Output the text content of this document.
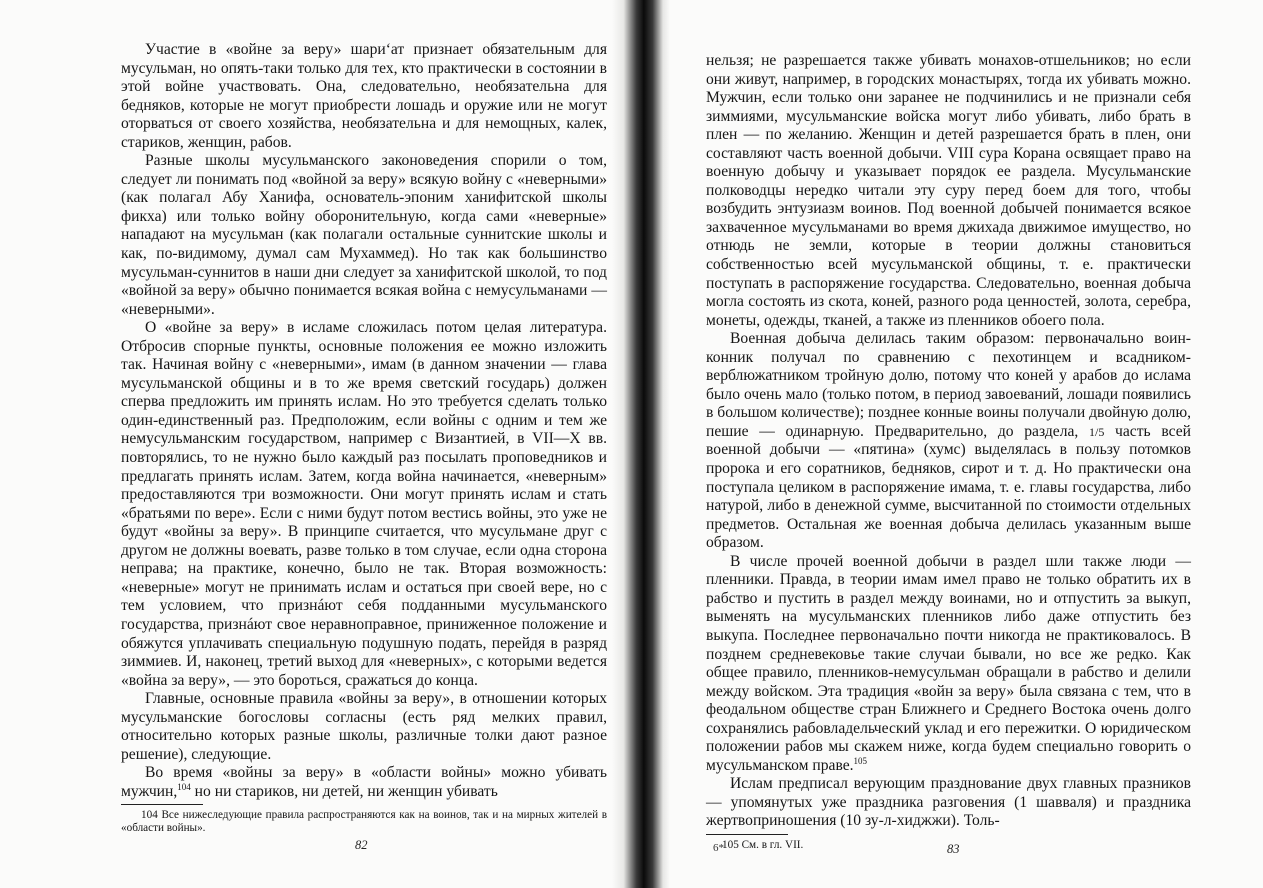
Участие в «войне за веру» шари‘ат признает обязательным для мусульман, но опять-таки только для тех, кто практически в состоянии в этой войне участвовать. Она, следовательно, необязательна для бедняков, которые не могут приобрести лошадь и оружие или не могут оторваться от своего хозяйства, необязательна и для немощных, калек, стариков, женщин, рабов.

Разные школы мусульманского законоведения спорили о том, следует ли понимать под «войной за веру» всякую войну с «неверными» (как полагал Абу Ханифа, основатель-эпоним ханифитской школы фикха) или только войну оборонительную, когда сами «неверные» нападают на мусульман (как полагали остальные суннитские школы и как, по-видимому, думал сам Мухаммед). Но так как большинство мусульман-суннитов в наши дни следует за ханифитской школой, то под «войной за веру» обычно понимается всякая война с немусульманами — «неверными».

О «войне за веру» в исламе сложилась потом целая литература. Отбросив спорные пункты, основные положения ее можно изложить так. Начиная войну с «неверными», имам (в данном значении — глава мусульманской общины и в то же время светский государь) должен сперва предложить им принять ислам. Но это требуется сделать только один-единственный раз. Предположим, если войны с одним и тем же немусульманским государством, например с Византией, в VII—X вв. повторялись, то не нужно было каждый раз посылать проповедников и предлагать принять ислам. Затем, когда война начинается, «неверным» предоставляются три возможности. Они могут принять ислам и стать «братьями по вере». Если с ними будут потом вестись войны, это уже не будут «войны за веру». В принципе считается, что мусульмане друг с другом не должны воевать, разве только в том случае, если одна сторона неправа; на практике, конечно, было не так. Вторая возможность: «неверные» могут не принимать ислам и остаться при своей вере, но с тем условием, что признáют себя подданными мусульманского государства, признáют свое неравноправное, приниженное положение и обяжутся уплачивать специальную подушную подать, перейдя в разряд зиммиев. И, наконец, третий выход для «неверных», с которыми ведется «война за веру», — это бороться, сражаться до конца.

Главные, основные правила «войны за веру», в отношении которых мусульманские богословы согласны (есть ряд мелких правил, относительно которых разные школы, различные толки дают разное решение), следующие.

Во время «войны за веру» в «области войны» можно убивать мужчин,$^{104}$ но ни стариков, ни детей, ни женщин убивать

104 Все нижеследующие правила распространяются как на воинов, так и на мирных жителей в «области войны».

82

нельзя; не разрешается также убивать монахов-отшельников; но если они живут, например, в городских монастырях, тогда их убивать можно. Мужчин, если только они заранее не подчинились и не признали себя зиммиями, мусульманские войска могут либо убивать, либо брать в плен — по желанию. Женщин и детей разрешается брать в плен, они составляют часть военной добычи. VIII сура Корана освящает право на военную добычу и указывает порядок ее раздела. Мусульманские полководцы нередко читали эту суру перед боем для того, чтобы возбудить энтузиазм воинов. Под военной добычей понимается всякое захваченное мусульманами во время джихада движимое имущество, но отнюдь не земли, которые в теории должны становиться собственностью всей мусульманской общины, т. е. практически поступать в распоряжение государства. Следовательно, военная добыча могла состоять из скота, коней, разного рода ценностей, золота, серебра, монеты, одежды, тканей, а также из пленников обоего пола.

Военная добыча делилась таким образом: первоначально воин-конник получал по сравнению с пехотинцем и всадником-верблюжатником тройную долю, потому что коней у арабов до ислама было очень мало (только потом, в период завоеваний, лошади появились в большом количестве); позднее конные воины получали двойную долю, пешие — одинарную. Предварительно, до раздела, 1/5 часть всей военной добычи — «пятина» (хумс) выделялась в пользу потомков пророка и его соратников, бедняков, сирот и т. д. Но практически она поступала целиком в распоряжение имама, т. е. главы государства, либо натурой, либо в денежной сумме, высчитанной по стоимости отдельных предметов. Остальная же военная добыча делилась указанным выше образом.

В числе прочей военной добычи в раздел шли также люди — пленники. Правда, в теории имам имел право не только обратить их в рабство и пустить в раздел между воинами, но и отпустить за выкуп, выменять на мусульманских пленников либо даже отпустить без выкупа. Последнее первоначально почти никогда не практиковалось. В позднем средневековье такие случаи бывали, но все же редко. Как общее правило, пленников-немусульман обращали в рабство и делили между войском. Эта традиция «войн за веру» была связана с тем, что в феодальном обществе стран Ближнего и Среднего Востока очень долго сохранялись рабовладельческий уклад и его пережитки. О юридическом положении рабов мы скажем ниже, когда будем специально говорить о мусульманском праве.$^{105}$

Ислам предписал верующим празднование двух главных празников — упомянутых уже праздника разговения (1 шавваля) и праздника жертвоприношения (10 зу-л-хиджжи). Толь-

105 См. в гл. VII.

6*	83
